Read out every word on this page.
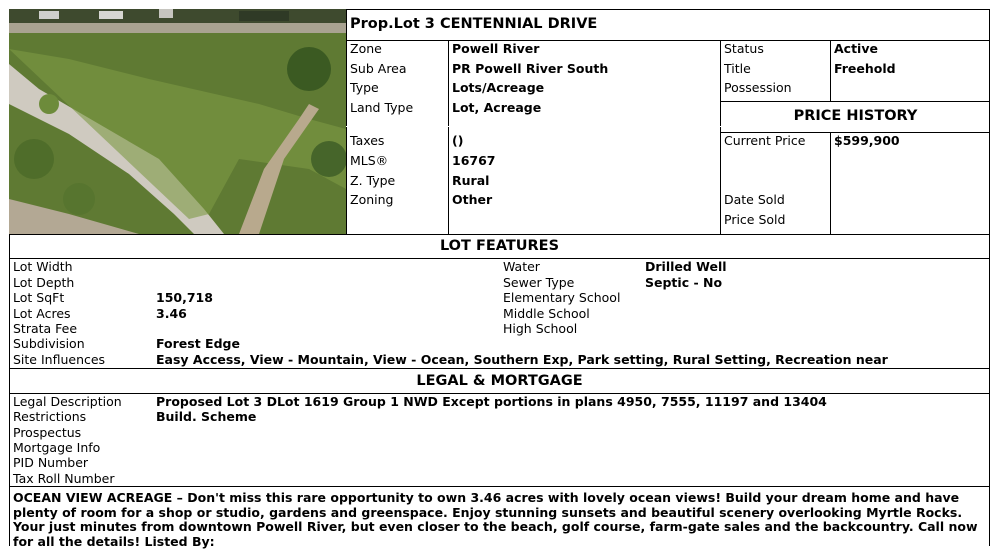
Prop.Lot 3 CENTENNIAL DRIVE
Zone	Powell River
Sub Area	PR Powell River South
Type	Lots/Acreage
Land Type	Lot, Acreage
Taxes	()
MLS®	16767
Z. Type	Rural
Zoning	Other
Status	Active
Title	Freehold
Possession
PRICE HISTORY
Current Price $599,900
Date Sold
Price Sold
LOT FEATURES
Lot Width
Lot Depth
Lot SqFt	150,718
Lot Acres	3.46
Strata Fee
Subdivision	Forest Edge
Site Influences	Easy Access, View - Mountain, View - Ocean, Southern Exp, Park setting, Rural Setting, Recreation near
Water	Drilled Well
Sewer Type	Septic - No
Elementary School
Middle School
High School
LEGAL & MORTGAGE
Legal Description	Proposed Lot 3 DLot 1619 Group 1 NWD Except portions in plans 4950, 7555, 11197 and 13404
Restrictions	Build. Scheme
Prospectus
Mortgage Info
PID Number
Tax Roll Number
OCEAN VIEW ACREAGE – Don't miss this rare opportunity to own 3.46 acres with lovely ocean views! Build your dream home and have plenty of room for a shop or studio, gardens and greenspace. Enjoy stunning sunsets and beautiful scenery overlooking Myrtle Rocks. Your just minutes from downtown Powell River, but even closer to the beach, golf course, farm-gate sales and the backcountry. Call now for all the details! Listed By:
